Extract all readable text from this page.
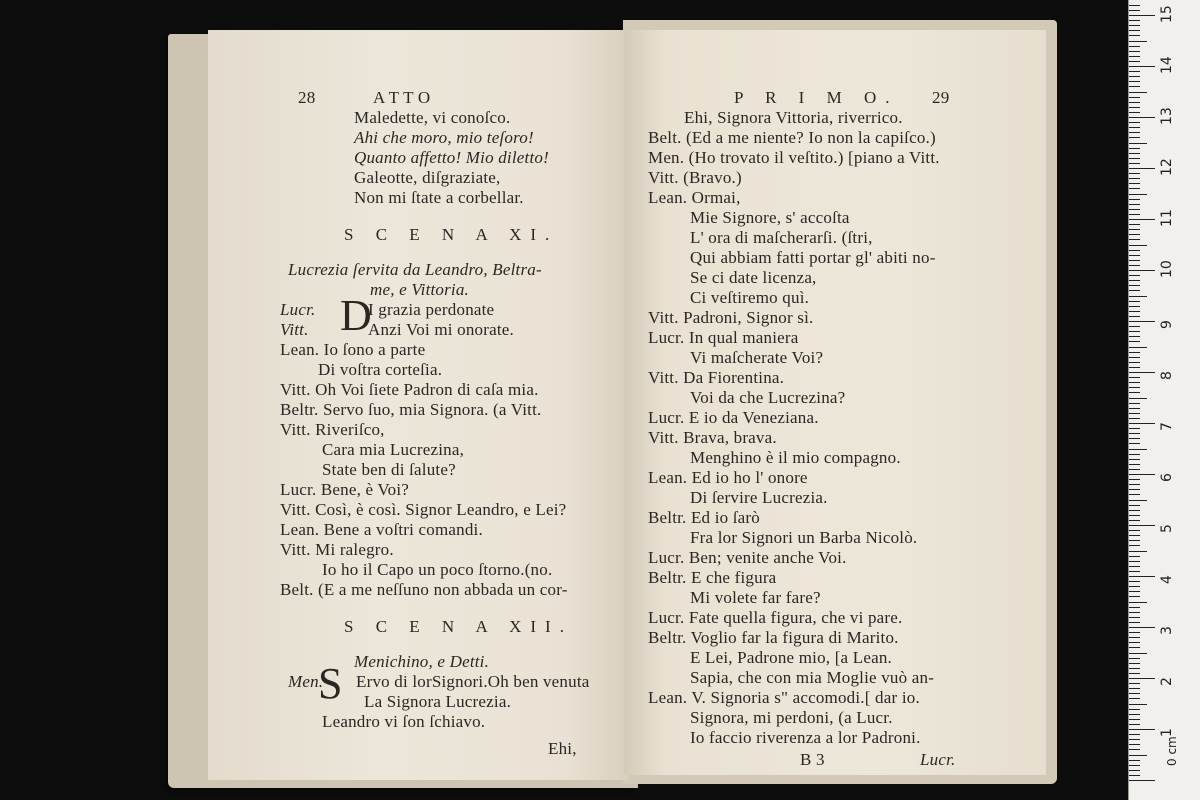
28	A T T O
Maledette, vi conoſco.
Ahi che moro, mio teſoro!
Quanto affetto! Mio diletto!
Galeotte, diſgraziate,
Non mi ſtate a corbellar.
S C E N A XI.
Lucrezia ſervita da Leandro, Beltra-
me, e Vittoria.
Lucr.	I grazia perdonate
Vitt.	Anzi Voi mi onorate.
Lean. Io ſono a parte
Di voſtra corteſia.
Vitt. Oh Voi ſiete Padron di caſa mia.
Beltr. Servo ſuo, mia Signora. (a Vitt.
Vitt. Riveriſco,
Cara mia Lucrezina,
State ben di ſalute?
Lucr. Bene, è Voi?
Vitt. Così, è così. Signor Leandro, e Lei?
Lean. Bene a voſtri comandi.
Vitt. Mi ralegro.
Io ho il Capo un poco ſtorno.(no.
Belt. (E a me neſſuno non abbada un cor-
S C E N A XII.
Menichino, e Detti.
Men. Ervo di lorSignori.Oh ben venuta
La Signora Lucrezia.
Leandro vi ſon ſchiavo.
Ehi,
D
S
P R I M O. 29
Ehi, Signora Vittoria, riverrico.
Belt. (Ed a me niente? Io non la capiſco.)
Men. (Ho trovato il veſtito.) [piano a Vitt.
Vitt. (Bravo.)
Lean. Ormai,
Mie Signore, s' accoſta
L' ora di maſcherarſi. (ſtri,
Qui abbiam fatti portar gl' abiti no-
Se ci date licenza,
Ci veſtiremo quì.
Vitt. Padroni, Signor sì.
Lucr. In qual maniera
Vi maſcherate Voi?
Vitt. Da Fiorentina.
Voi da che Lucrezina?
Lucr. E io da Veneziana.
Vitt. Brava, brava.
Menghino è il mio compagno.
Lean. Ed io ho l' onore
Di ſervire Lucrezia.
Beltr. Ed io ſarò
Fra lor Signori un Barba Nicolò.
Lucr. Ben; venite anche Voi.
Beltr. E che figura
Mi volete far fare?
Lucr. Fate quella figura, che vi pare.
Beltr. Voglio far la figura di Marito.
E Lei, Padrone mio, [a Lean.
Sapia, che con mia Moglie vuò an-
Lean. V. Signoria s" accomodi.[ dar io.
Signora, mi perdoni, (a Lucr.
Io faccio riverenza a lor Padroni.
B 3	Lucr.	0 cm
1
2
3
4
5
6
7
8
9
10
11
12
13
14
15
